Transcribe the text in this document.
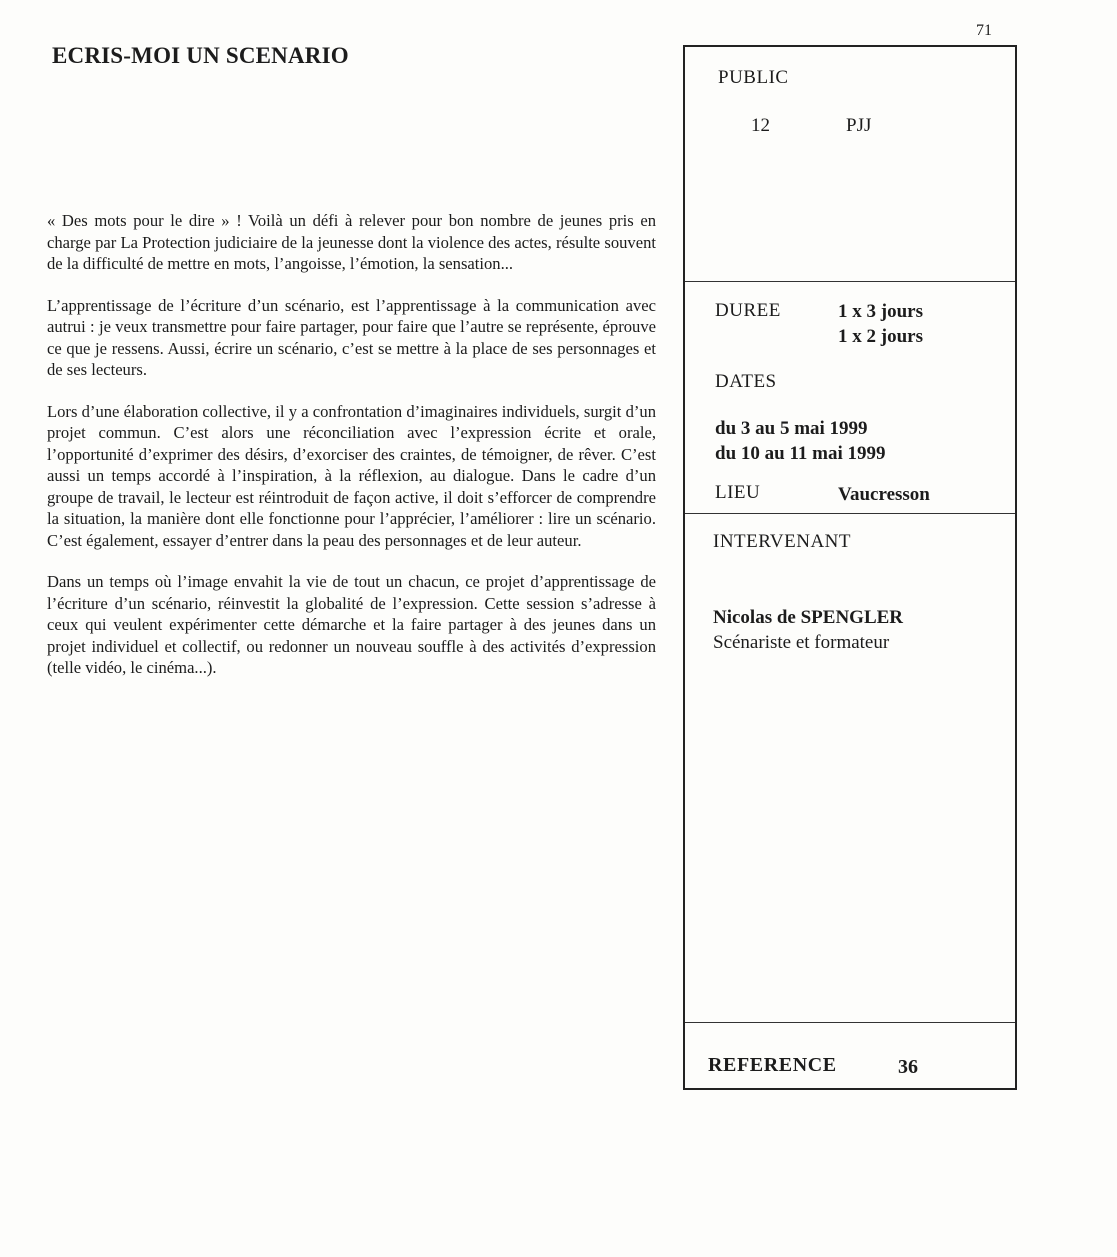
71
ECRIS-MOI UN SCENARIO

« Des mots pour le dire » ! Voilà un défi à relever pour bon nombre de jeunes pris en charge par La Protection judiciaire de la jeunesse dont la violence des actes, résulte souvent de la difficulté de mettre en mots, l’angoisse, l’émotion, la sensation...

L’apprentissage de l’écriture d’un scénario, est l’apprentissage à la communication avec autrui : je veux transmettre pour faire partager, pour faire que l’autre se représente, éprouve ce que je ressens. Aussi, écrire un scénario, c’est se mettre à la place de ses personnages et de ses lecteurs.

Lors d’une élaboration collective, il y a confrontation d’imaginaires individuels, surgit d’un projet commun. C’est alors une réconciliation avec l’expression écrite et orale, l’opportunité d’exprimer des désirs, d’exorciser des craintes, de témoigner, de rêver. C’est aussi un temps accordé à l’inspiration, à la réflexion, au dialogue. Dans le cadre d’un groupe de travail, le lecteur est réintroduit de façon active, il doit s’efforcer de comprendre la situation, la manière dont elle fonctionne pour l’apprécier, l’améliorer : lire un scénario. C’est également, essayer d’entrer dans la peau des personnages et de leur auteur.

Dans un temps où l’image envahit la vie de tout un chacun, ce projet d’apprentissage de l’écriture d’un scénario, réinvestit la globalité de l’expression. Cette session s’adresse à ceux qui veulent expérimenter cette démarche et la faire partager à des jeunes dans un projet individuel et collectif, ou redonner un nouveau souffle à des activités d’expression (telle vidéo, le cinéma...).

PUBLIC
12	PJJ
DUREE	1 x 3 jours
1 x 2 jours
DATES
du 3 au 5 mai 1999
du 10 au 11 mai 1999
LIEU	Vaucresson
INTERVENANT
Nicolas de SPENGLER
Scénariste et formateur
REFERENCE	36
